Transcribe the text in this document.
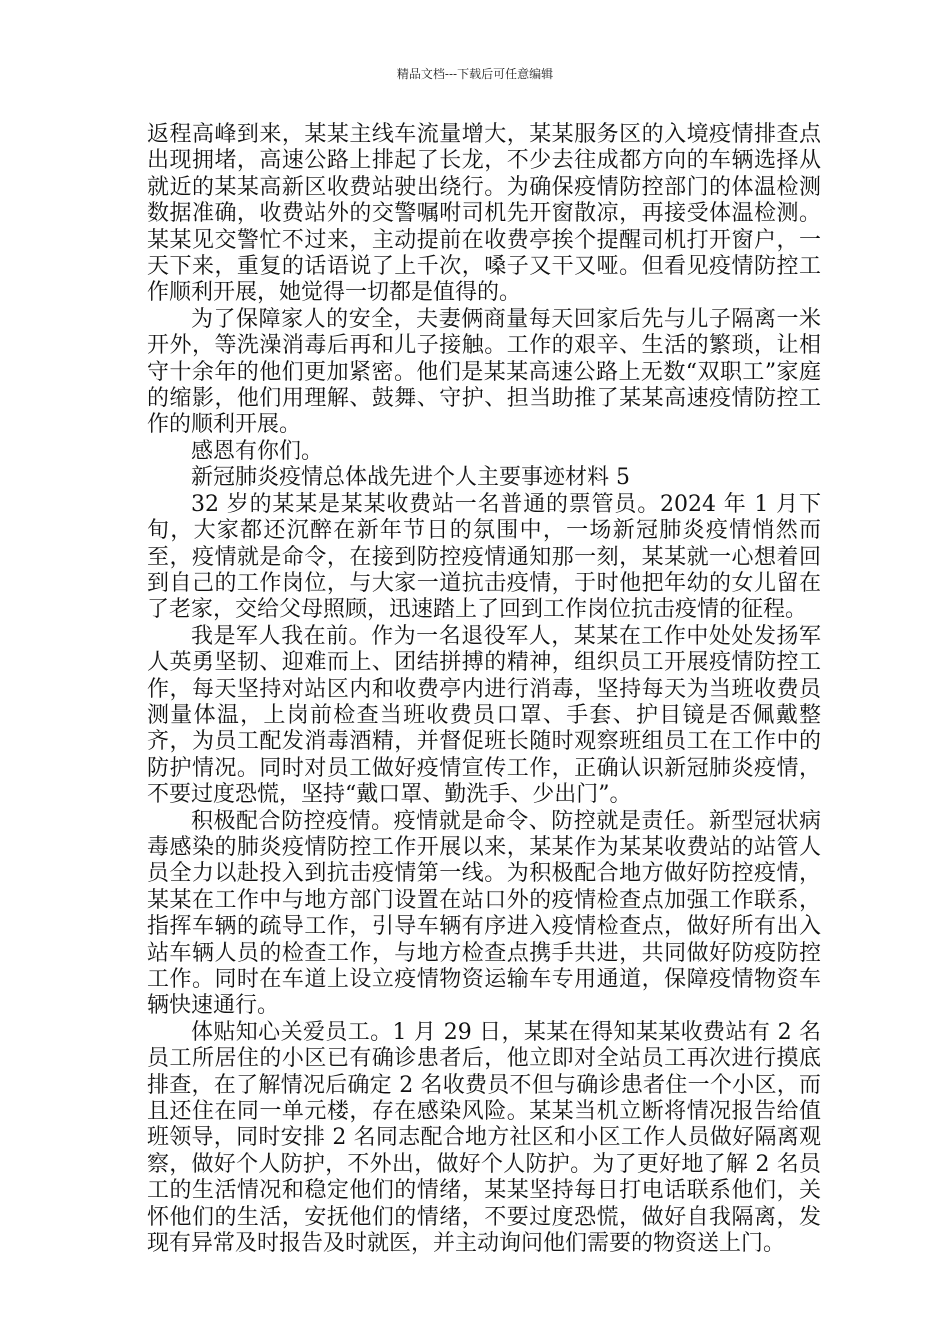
精品文档---下载后可任意编辑

返程高峰到来，某某主线车流量增大，某某服务区的入境疫情排查点出现拥堵，高速公路上排起了长龙，不少去往成都方向的车辆选择从就近的某某高新区收费站驶出绕行。为确保疫情防控部门的体温检测数据准确，收费站外的交警嘱咐司机先开窗散凉，再接受体温检测。某某见交警忙不过来，主动提前在收费亭挨个提醒司机打开窗户，一天下来，重复的话语说了上千次，嗓子又干又哑。但看见疫情防控工作顺利开展，她觉得一切都是值得的。

为了保障家人的安全，夫妻俩商量每天回家后先与儿子隔离一米开外，等洗澡消毒后再和儿子接触。工作的艰辛、生活的繁琐，让相守十余年的他们更加紧密。他们是某某高速公路上无数“双职工”家庭的缩影，他们用理解、鼓舞、守护、担当助推了某某高速疫情防控工作的顺利开展。

感恩有你们。

新冠肺炎疫情总体战先进个人主要事迹材料 5

32 岁的某某是某某收费站一名普通的票管员。2024 年 1 月下旬，大家都还沉醉在新年节日的氛围中，一场新冠肺炎疫情悄然而至，疫情就是命令，在接到防控疫情通知那一刻，某某就一心想着回到自己的工作岗位，与大家一道抗击疫情，于时他把年幼的女儿留在了老家，交给父母照顾，迅速踏上了回到工作岗位抗击疫情的征程。

我是军人我在前。作为一名退役军人，某某在工作中处处发扬军人英勇坚韧、迎难而上、团结拼搏的精神，组织员工开展疫情防控工作，每天坚持对站区内和收费亭内进行消毒，坚持每天为当班收费员测量体温，上岗前检查当班收费员口罩、手套、护目镜是否佩戴整齐，为员工配发消毒酒精，并督促班长随时观察班组员工在工作中的防护情况。同时对员工做好疫情宣传工作，正确认识新冠肺炎疫情，不要过度恐慌，坚持“戴口罩、勤洗手、少出门”。

积极配合防控疫情。疫情就是命令、防控就是责任。新型冠状病毒感染的肺炎疫情防控工作开展以来，某某作为某某收费站的站管人员全力以赴投入到抗击疫情第一线。为积极配合地方做好防控疫情，某某在工作中与地方部门设置在站口外的疫情检查点加强工作联系，指挥车辆的疏导工作，引导车辆有序进入疫情检查点，做好所有出入站车辆人员的检查工作，与地方检查点携手共进，共同做好防疫防控工作。同时在车道上设立疫情物资运输车专用通道，保障疫情物资车辆快速通行。

体贴知心关爱员工。1 月 29 日，某某在得知某某收费站有 2 名员工所居住的小区已有确诊患者后，他立即对全站员工再次进行摸底排查，在了解情况后确定 2 名收费员不但与确诊患者住一个小区，而且还住在同一单元楼，存在感染风险。某某当机立断将情况报告给值班领导，同时安排 2 名同志配合地方社区和小区工作人员做好隔离观察，做好个人防护，不外出，做好个人防护。为了更好地了解 2 名员工的生活情况和稳定他们的情绪，某某坚持每日打电话联系他们，关怀他们的生活，安抚他们的情绪，不要过度恐慌，做好自我隔离，发现有异常及时报告及时就医，并主动询问他们需要的物资送上门。
